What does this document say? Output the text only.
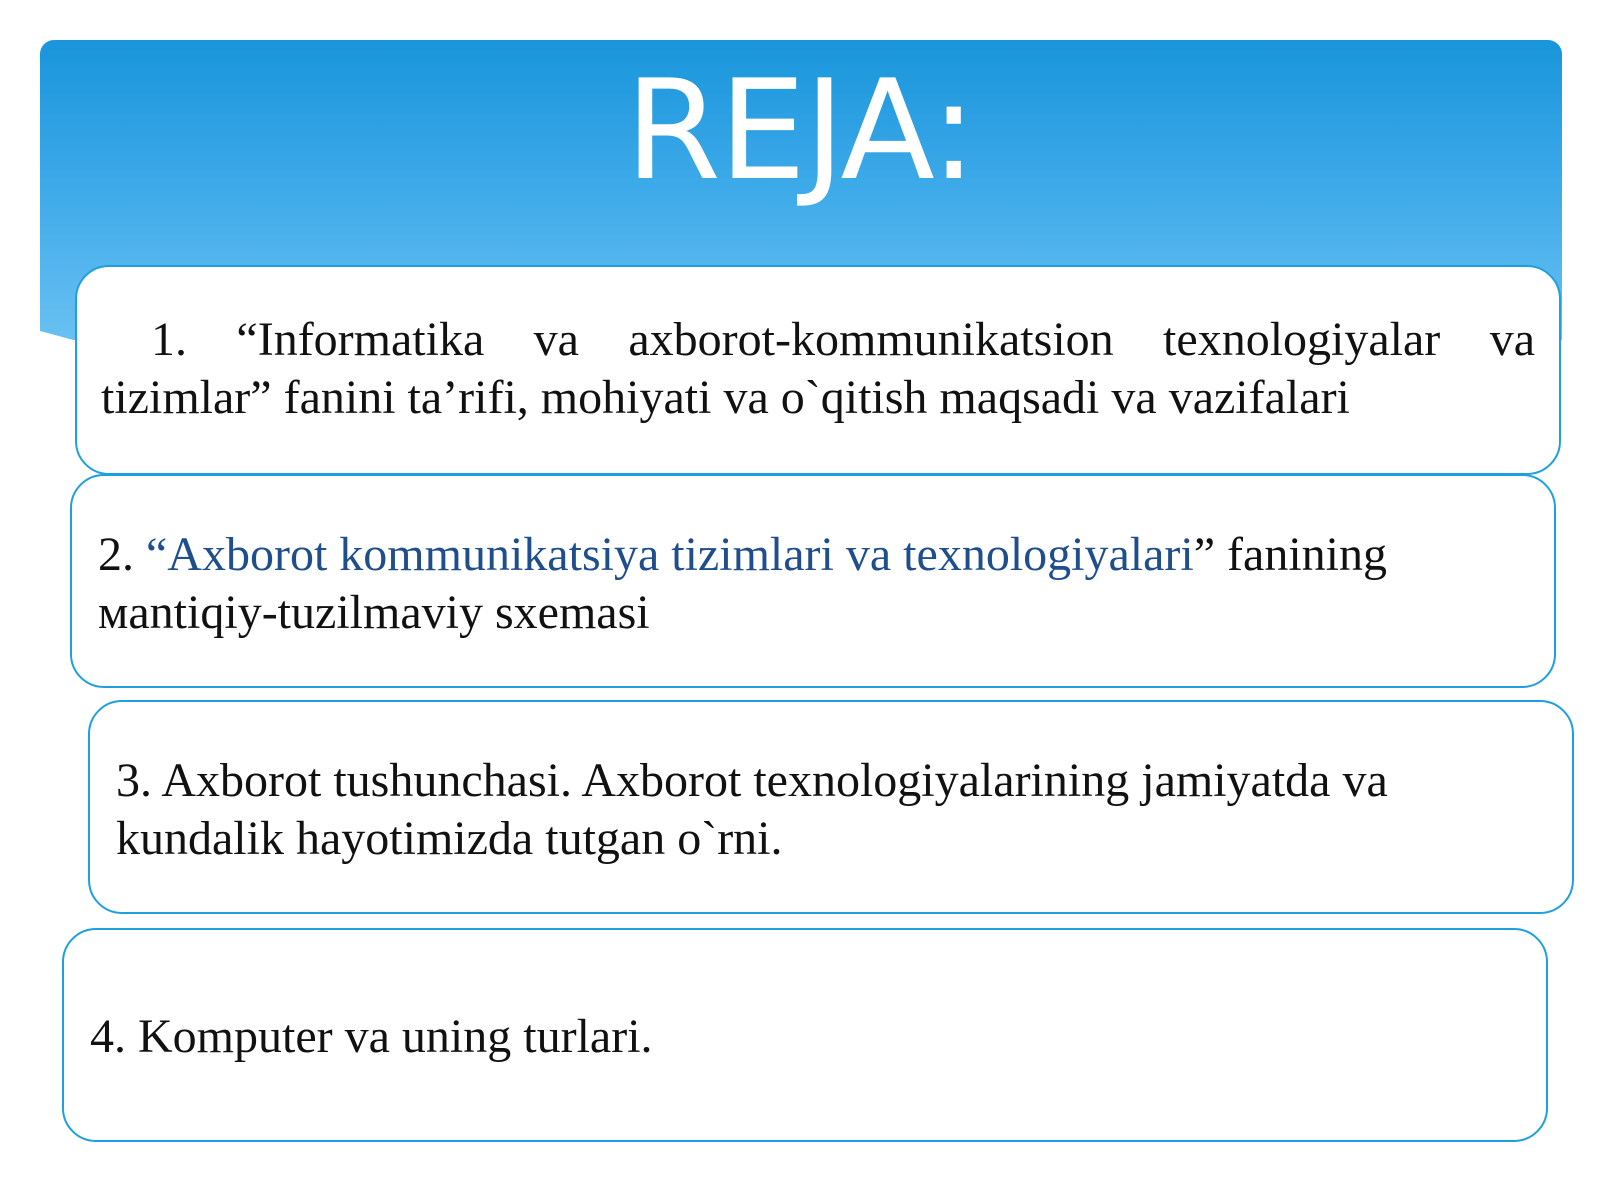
REJA:
1. “Informatika va axborot-kommunikatsion texnologiyalar va
tizimlar” fanini ta’rifi, mohiyati va o`qitish maqsadi va vazifalari
2. “Axborot kommunikatsiya tizimlari va texnologiyalari” fanining
мantiqiy-tuzilmaviy sxemasi
3. Axborot tushunchasi. Axborot texnologiyalarining jamiyatda va
kundalik hayotimizda tutgan o`rni.
4. Komputer va uning turlari.
